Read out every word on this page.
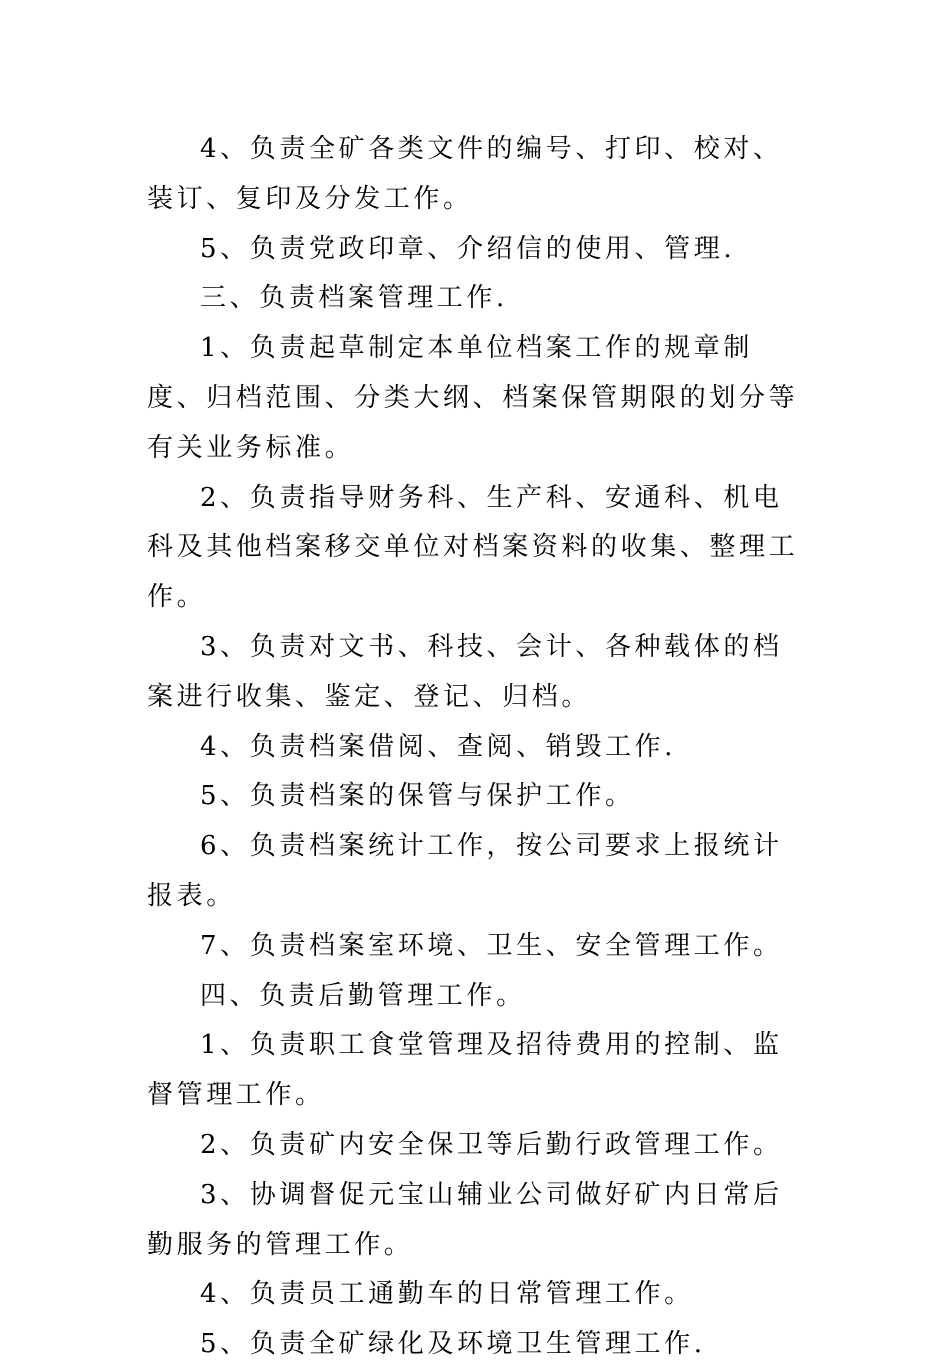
4、负责全矿各类文件的编号、打印、校对、装订、复印及分发工作。

5、负责党政印章、介绍信的使用、管理.

三、负责档案管理工作.

1、负责起草制定本单位档案工作的规章制度、归档范围、分类大纲、档案保管期限的划分等有关业务标准。

2、负责指导财务科、生产科、安通科、机电科及其他档案移交单位对档案资料的收集、整理工作。

3、负责对文书、科技、会计、各种载体的档案进行收集、鉴定、登记、归档。

4、负责档案借阅、查阅、销毁工作.

5、负责档案的保管与保护工作。

6、负责档案统计工作，按公司要求上报统计报表。

7、负责档案室环境、卫生、安全管理工作。

四、负责后勤管理工作。

1、负责职工食堂管理及招待费用的控制、监督管理工作。

2、负责矿内安全保卫等后勤行政管理工作。

3、协调督促元宝山辅业公司做好矿内日常后勤服务的管理工作。

4、负责员工通勤车的日常管理工作。

5、负责全矿绿化及环境卫生管理工作.
